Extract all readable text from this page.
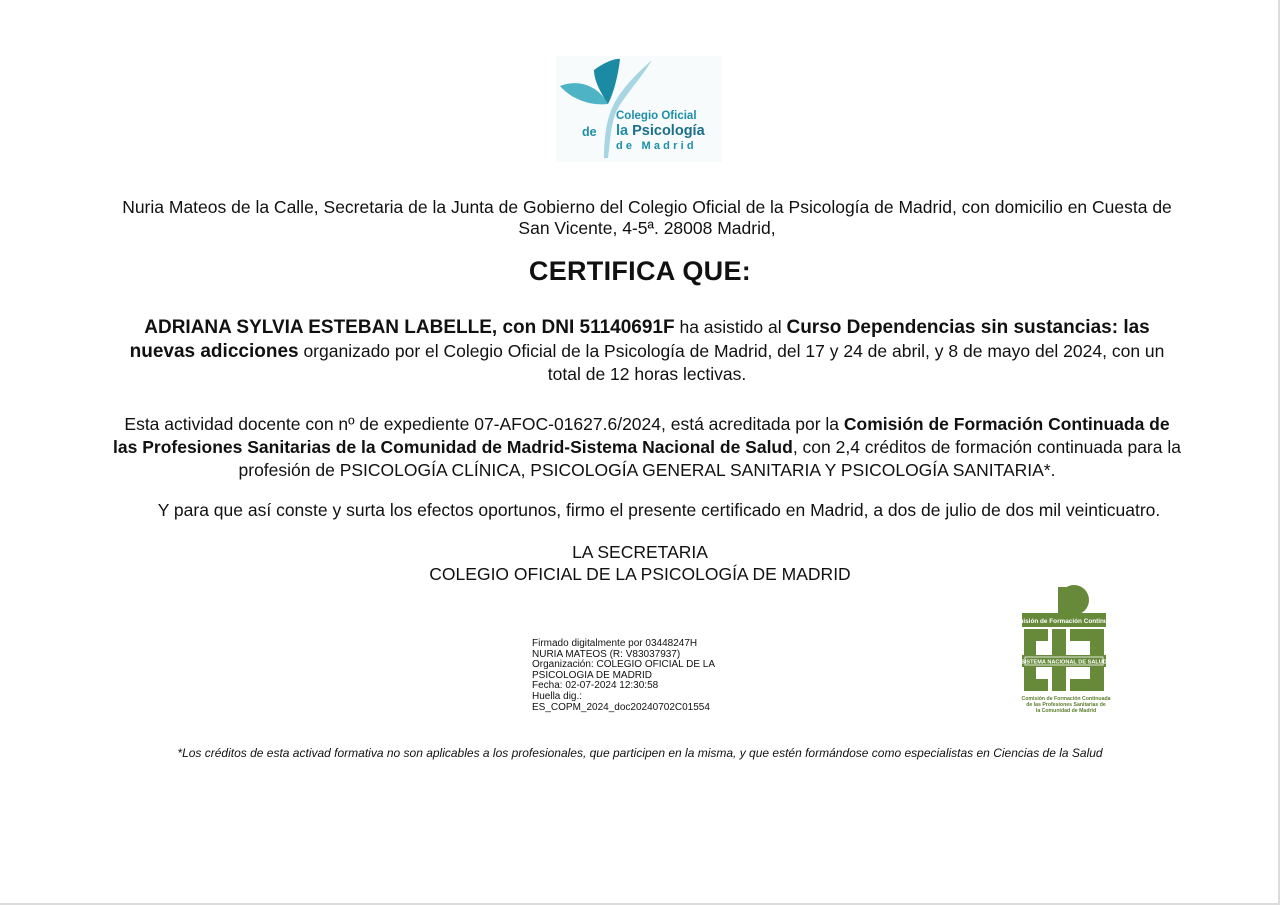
Colegio Oficial
de la Psicología
de Madrid
Nuria Mateos de la Calle, Secretaria de la Junta de Gobierno del Colegio Oficial de la Psicología de Madrid, con domicilio en Cuesta de San Vicente, 4-5ª. 28008 Madrid,
CERTIFICA QUE:
ADRIANA SYLVIA ESTEBAN LABELLE, con DNI 51140691F ha asistido al Curso Dependencias sin sustancias: las nuevas adicciones organizado por el Colegio Oficial de la Psicología de Madrid, del 17 y 24 de abril, y 8 de mayo del 2024, con un total de 12 horas lectivas.
Esta actividad docente con nº de expediente 07-AFOC-01627.6/2024, está acreditada por la Comisión de Formación Continuada de las Profesiones Sanitarias de la Comunidad de Madrid-Sistema Nacional de Salud, con 2,4 créditos de formación continuada para la profesión de PSICOLOGÍA CLÍNICA, PSICOLOGÍA GENERAL SANITARIA Y PSICOLOGÍA SANITARIA*.
Y para que así conste y surta los efectos oportunos, firmo el presente certificado en Madrid, a dos de julio de dos mil veinticuatro.
LA SECRETARIA
COLEGIO OFICIAL DE LA PSICOLOGÍA DE MADRID
Firmado digitalmente por 03448247H
NURIA MATEOS (R: V83037937)
Organización: COLEGIO OFICIAL DE LA
PSICOLOGIA DE MADRID
Fecha: 02-07-2024 12:30:58
Huella dig.:
ES_COPM_2024_doc20240702C01554
Comisión de Formación Continuada
SISTEMA NACIONAL DE SALUD
Comisión de Formación Continuada
de las Profesiones Sanitarias de
la Comunidad de Madrid
*Los créditos de esta activad formativa no son aplicables a los profesionales, que participen en la misma, y que estén formándose como especialistas en Ciencias de la Salud
